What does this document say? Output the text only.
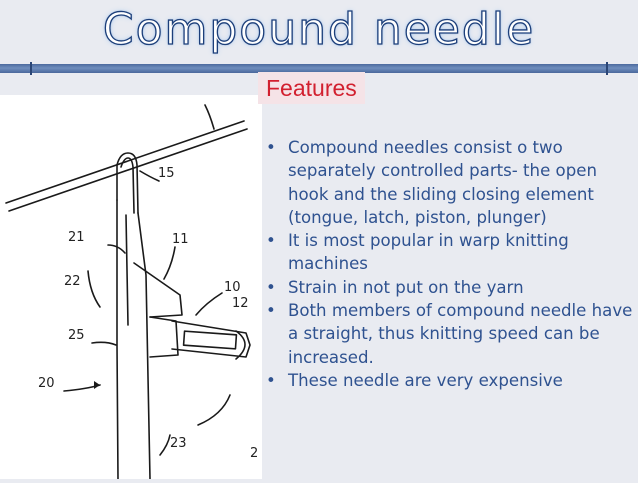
Compound needle
15
21	11
10
22
12
25
20
23
2
Features
• Compound needles consist o two separately controlled parts- the open hook and the sliding closing element (tongue, latch, piston, plunger)
• It is most popular in warp knitting machines
• Strain in not put on the yarn
• Both members of compound needle have a straight, thus knitting speed can be increased.
• These needle are very expensive
